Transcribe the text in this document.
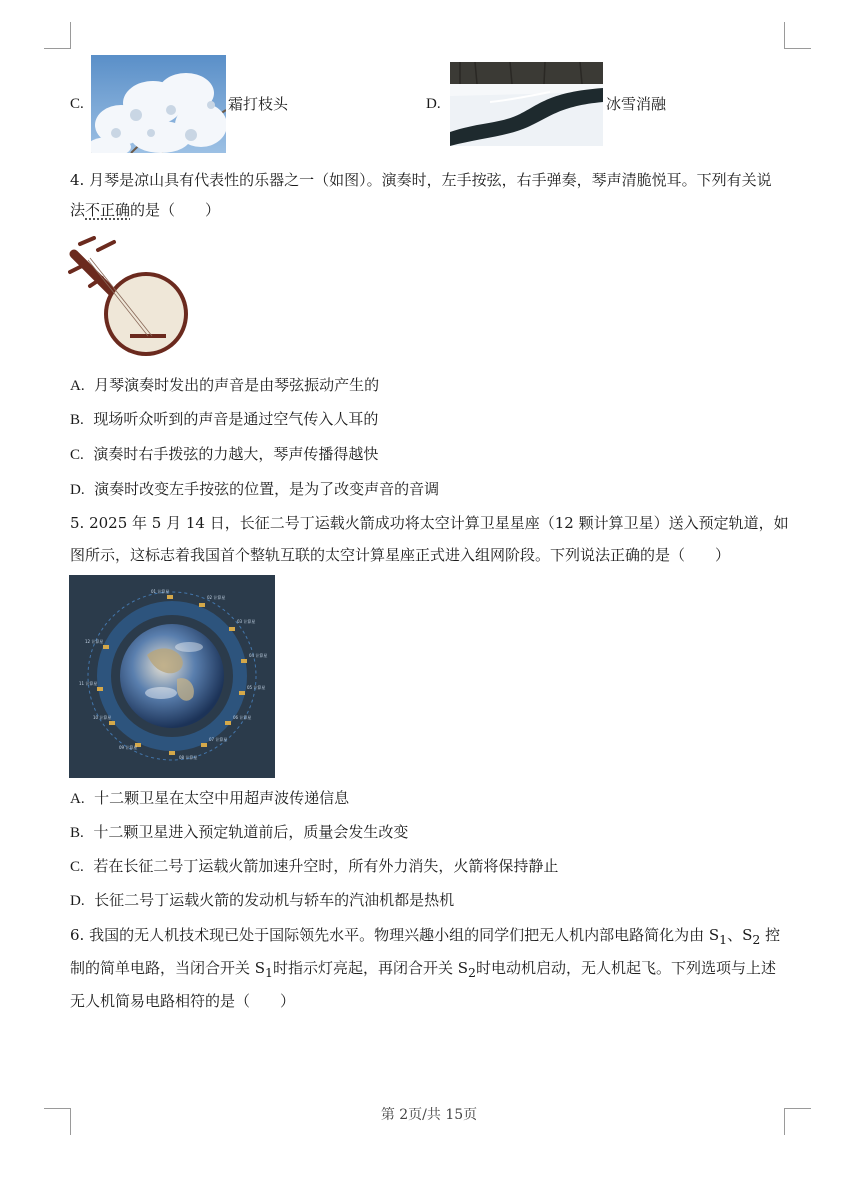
C.	霜打枝头	D.	冰雪消融
4. 月琴是凉山具有代表性的乐器之一（如图）。演奏时，左手按弦，右手弹奏，琴声清脆悦耳。下列有关说
法不正确的是（　　）
A. 月琴演奏时发出的声音是由琴弦振动产生的
B. 现场听众听到的声音是通过空气传入人耳的
C. 演奏时右手拨弦的力越大，琴声传播得越快
D. 演奏时改变左手按弦的位置，是为了改变声音的音调
5. 2025 年 5 月 14 日，长征二号丁运载火箭成功将太空计算卫星星座（12 颗计算卫星）送入预定轨道，如
图所示，这标志着我国首个整轨互联的太空计算星座正式进入组网阶段。下列说法正确的是（　　）
01 计算星
02 计算星
03 计算星
04 计算星
05 计算星
06 计算星
07 计算星
08 计算星
09 计算星
10 计算星
11 计算星
12 计算星
A. 十二颗卫星在太空中用超声波传递信息
B. 十二颗卫星进入预定轨道前后，质量会发生改变
C. 若在长征二号丁运载火箭加速升空时，所有外力消失，火箭将保持静止
D. 长征二号丁运载火箭的发动机与轿车的汽油机都是热机
6. 我国的无人机技术现已处于国际领先水平。物理兴趣小组的同学们把无人机内部电路简化为由 $S_1$、$S_2$ 控
制的简单电路，当闭合开关 $S_1$时指示灯亮起，再闭合开关 $S_2$时电动机启动，无人机起飞。下列选项与上述
无人机简易电路相符的是（　　）
第 2页/共 15页
